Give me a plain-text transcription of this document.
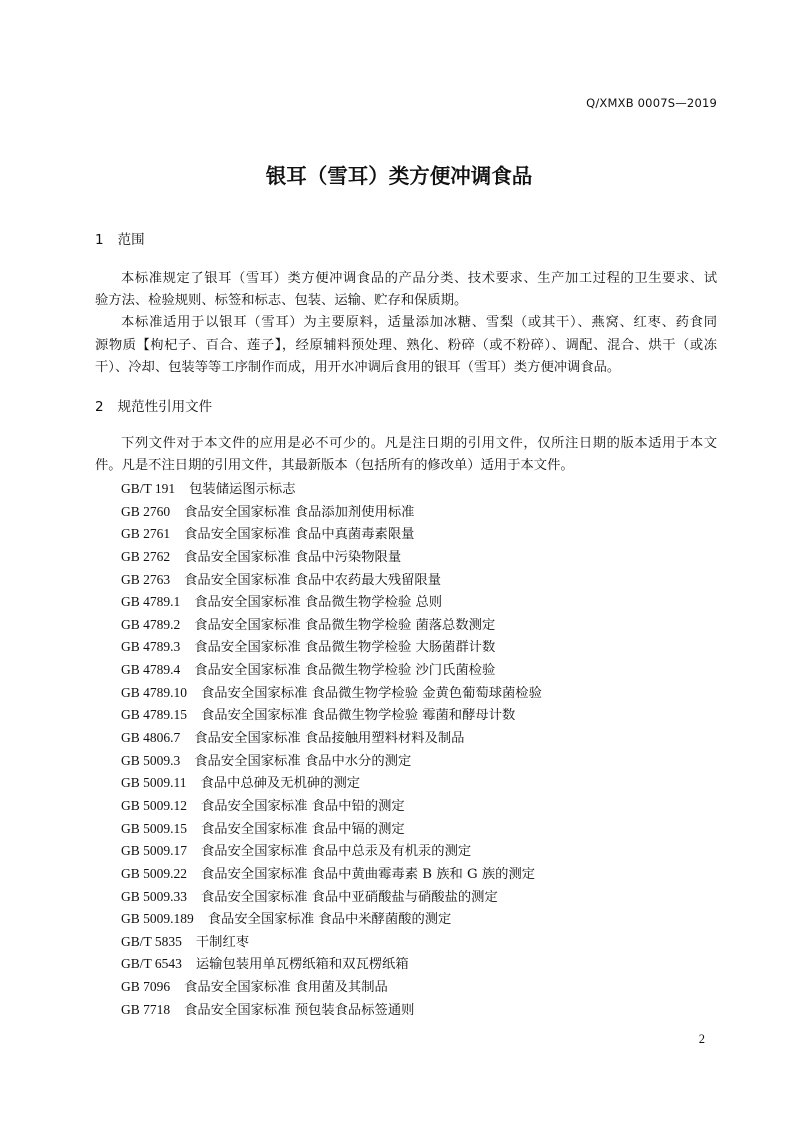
Q/XMXB 0007S—2019
银耳（雪耳）类方便冲调食品
1 范围
本标准规定了银耳（雪耳）类方便冲调食品的产品分类、技术要求、生产加工过程的卫生要求、试
验方法、检验规则、标签和标志、包装、运输、贮存和保质期。
本标准适用于以银耳（雪耳）为主要原料，适量添加冰糖、雪梨（或其干）、燕窝、红枣、药食同
源物质【枸杞子、百合、莲子】，经原辅料预处理、熟化、粉碎（或不粉碎）、调配、混合、烘干（或冻
干）、冷却、包装等等工序制作而成，用开水冲调后食用的银耳（雪耳）类方便冲调食品。
2 规范性引用文件
下列文件对于本文件的应用是必不可少的。凡是注日期的引用文件，仅所注日期的版本适用于本文
件。凡是不注日期的引用文件，其最新版本（包括所有的修改单）适用于本文件。
GB/T 191 包装储运图示标志
GB 2760 食品安全国家标准 食品添加剂使用标准
GB 2761 食品安全国家标准 食品中真菌毒素限量
GB 2762 食品安全国家标准 食品中污染物限量
GB 2763 食品安全国家标准 食品中农药最大残留限量
GB 4789.1 食品安全国家标准 食品微生物学检验 总则
GB 4789.2 食品安全国家标准 食品微生物学检验 菌落总数测定
GB 4789.3 食品安全国家标准 食品微生物学检验 大肠菌群计数
GB 4789.4 食品安全国家标准 食品微生物学检验 沙门氏菌检验
GB 4789.10 食品安全国家标准 食品微生物学检验 金黄色葡萄球菌检验
GB 4789.15 食品安全国家标准 食品微生物学检验 霉菌和酵母计数
GB 4806.7 食品安全国家标准 食品接触用塑料材料及制品
GB 5009.3 食品安全国家标准 食品中水分的测定
GB 5009.11 食品中总砷及无机砷的测定
GB 5009.12 食品安全国家标准 食品中铅的测定
GB 5009.15 食品安全国家标准 食品中镉的测定
GB 5009.17 食品安全国家标准 食品中总汞及有机汞的测定
GB 5009.22 食品安全国家标准 食品中黄曲霉毒素 B 族和 G 族的测定
GB 5009.33 食品安全国家标准 食品中亚硝酸盐与硝酸盐的测定
GB 5009.189 食品安全国家标准 食品中米酵菌酸的测定
GB/T 5835 干制红枣
GB/T 6543 运输包装用单瓦楞纸箱和双瓦楞纸箱
GB 7096 食品安全国家标准 食用菌及其制品
GB 7718 食品安全国家标准 预包装食品标签通则
2
